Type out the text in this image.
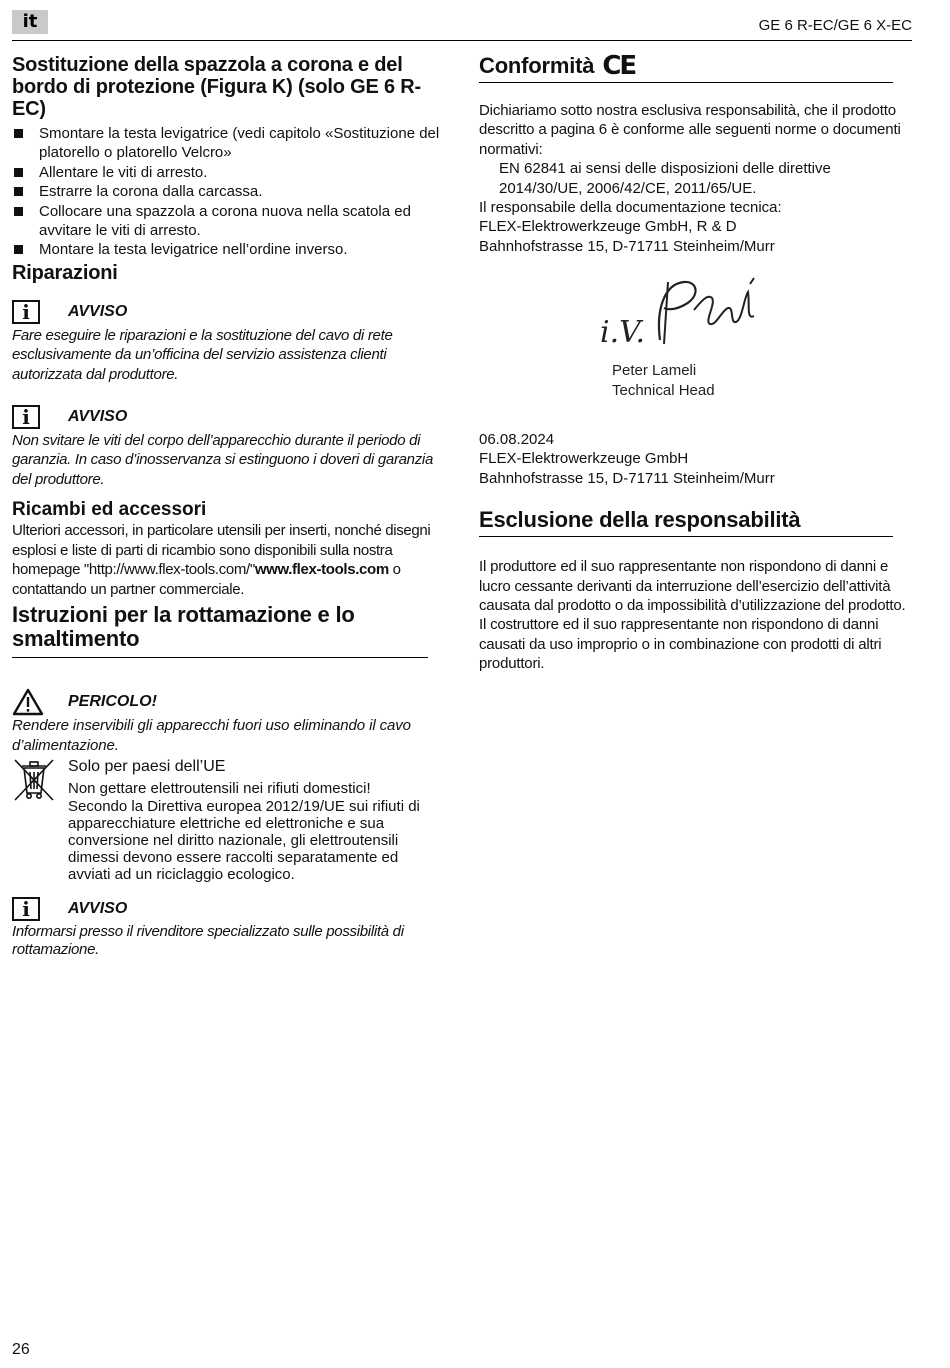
it	GE 6 R-EC/GE 6 X-EC

Sostituzione della spazzola a corona e del bordo di protezione (Figura K) (solo GE 6 R-EC)

Smontare la testa levigatrice (vedi capitolo «Sostituzione del platorello o platorello Velcro»
Allentare le viti di arresto.
Estrarre la corona dalla carcassa.
Collocare una spazzola a corona nuova nella scatola ed avvitare le viti di arresto.
Montare la testa levigatrice nell’ordine inverso.

Riparazioni

i	AVVISO

Fare eseguire le riparazioni e la sostituzione del cavo di rete esclusivamente da un’officina del servizio assistenza clienti autorizzata dal produttore.

i	AVVISO

Non svitare le viti del corpo dell’apparecchio durante il periodo di garanzia. In caso d’inosservanza si estinguono i doveri di garanzia del produttore.

Ricambi ed accessori

Ulteriori accessori, in particolare utensili per inserti, nonché disegni esplosi e liste di parti di ricambio sono disponibili sulla nostra homepage "http://www.flex-tools.com/"www.flex-tools.com o contattando un partner commerciale.

Istruzioni per la rottamazione e lo smaltimento

PERICOLO!

Rendere inservibili gli apparecchi fuori uso eliminando il cavo d’alimentazione.

Solo per paesi dell’UE

Non gettare elettroutensili nei rifiuti domestici!

Secondo la Direttiva europea 2012/19/UE sui rifiuti di apparecchiature elettriche ed elettroniche e sua conversione nel diritto nazionale, gli elettroutensili dimessi devono essere raccolti separatamente ed avviati ad un riciclaggio ecologico.

i	AVVISO

Informarsi presso il rivenditore specializzato sulle possibilità di rottamazione.

Conformità CE

Dichiariamo sotto nostra esclusiva responsabilità, che il prodotto descritto a pagina 6 è conforme alle seguenti norme o documenti normativi:

EN 62841 ai sensi delle disposizioni delle direttive 2014/30/UE, 2006/42/CE, 2011/65/UE.

Il responsabile della documentazione tecnica:

FLEX-Elektrowerkzeuge GmbH, R & D

Bahnhofstrasse 15, D-71711 Steinheim/Murr

i.V.
Peter Lameli
Technical Head

06.08.2024

FLEX-Elektrowerkzeuge GmbH

Bahnhofstrasse 15, D-71711 Steinheim/Murr

Esclusione della responsabilità

Il produttore ed il suo rappresentante non rispondono di danni e lucro cessante derivanti da interruzione dell’esercizio dell’attività causata dal prodotto o da impossibilità d’utilizzazione del prodotto.

Il costruttore ed il suo rappresentante non rispondono di danni causati da uso improprio o in combinazione con prodotti di altri produttori.

26
